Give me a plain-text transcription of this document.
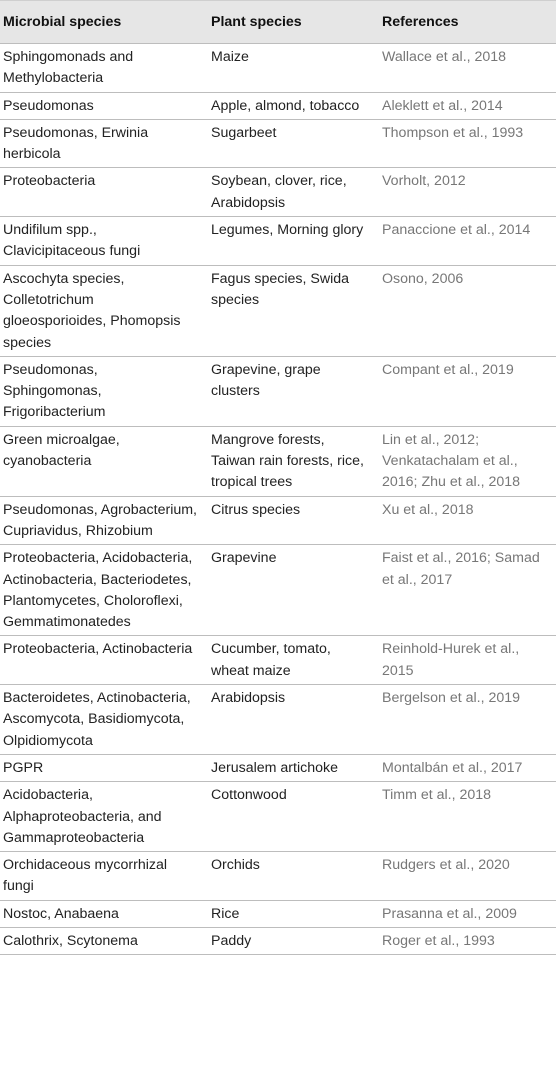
Microbial species	Plant species	References
Sphingomonads and Methylobacteria	Maize	Wallace et al., 2018
Pseudomonas	Apple, almond, tobacco	Aleklett et al., 2014
Pseudomonas, Erwinia herbicola	Sugarbeet	Thompson et al., 1993
Proteobacteria	Soybean, clover, rice, Arabidopsis	Vorholt, 2012
Undifilum spp., Clavicipitaceous fungi	Legumes, Morning glory	Panaccione et al., 2014
Ascochyta species, Colletotrichum gloeosporioides, Phomopsis species	Fagus species, Swida species	Osono, 2006
Pseudomonas, Sphingomonas, Frigoribacterium	Grapevine, grape clusters	Compant et al., 2019
Green microalgae, cyanobacteria	Mangrove forests, Taiwan rain forests, rice, tropical trees	Lin et al., 2012; Venkatachalam et al., 2016; Zhu et al., 2018
Pseudomonas, Agrobacterium, Cupriavidus, Rhizobium	Citrus species	Xu et al., 2018
Proteobacteria, Acidobacteria, Actinobacteria, Bacteriodetes, Plantomycetes, Choloroflexi, Gemmatimonatedes	Grapevine	Faist et al., 2016; Samad et al., 2017
Proteobacteria, Actinobacteria	Cucumber, tomato, wheat maize	Reinhold-Hurek et al., 2015
Bacteroidetes, Actinobacteria, Ascomycota, Basidiomycota, Olpidiomycota	Arabidopsis	Bergelson et al., 2019
PGPR	Jerusalem artichoke	Montalbán et al., 2017
Acidobacteria, Alphaproteobacteria, and Gammaproteobacteria	Cottonwood	Timm et al., 2018
Orchidaceous mycorrhizal fungi	Orchids	Rudgers et al., 2020
Nostoc, Anabaena	Rice	Prasanna et al., 2009
Calothrix, Scytonema	Paddy	Roger et al., 1993
